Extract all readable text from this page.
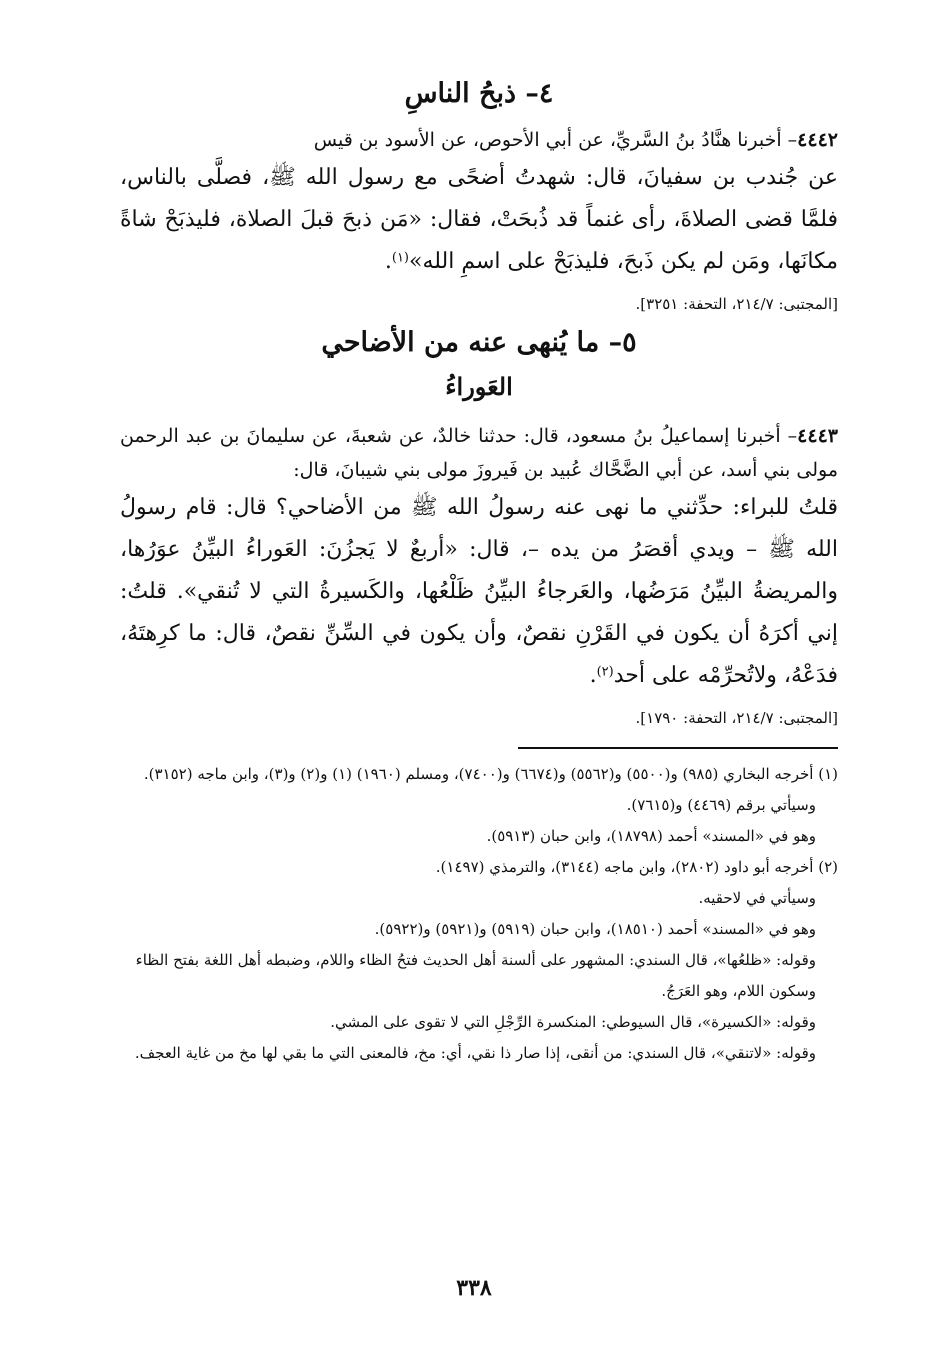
٤– ذبحُ الناسِ
٤٤٤٢– أخبرنا هنَّادُ بنُ السَّريِّ، عن أبي الأحوص، عن الأسود بن قيس
عن جُندب بن سفيانَ، قال: شهدتُ أضحًى مع رسول الله ﷺ، فصلَّى بالناس، فلمَّا قضى الصلاةَ، رأى غنماً قد ذُبحَتْ، فقال: «مَن ذبحَ قبلَ الصلاة، فليذبَحْ شاةً مكانَها، ومَن لم يكن ذَبحَ، فليذبَحْ على اسمِ الله»$^{(١)}$.
[المجتبى: ٢١٤/٧، التحفة: ٣٢٥١].
٥– ما يُنهى عنه من الأضاحي
العَوراءُ
٤٤٤٣– أخبرنا إسماعيلُ بنُ مسعود، قال: حدثنا خالدٌ، عن شعبةَ، عن سليمانَ بن عبد الرحمن مولى بني أسد، عن أبي الضَّحَّاك عُبيد بن فَيروزَ مولى بني شيبانَ، قال:
قلتُ للبراء: حدِّثني ما نهى عنه رسولُ الله ﷺ من الأضاحي؟ قال: قام رسولُ الله ﷺ – ويدي أقصَرُ من يده –، قال: «أربعٌ لا يَجزُنَ: العَوراءُ البيِّنُ عوَرُها، والمريضةُ البيِّنُ مَرَضُها، والعَرجاءُ البيِّنُ ظَلْعُها، والكَسيرةُ التي لا تُنقي». قلتُ: إني أكرَهُ أن يكون في القَرْنِ نقصٌ، وأن يكون في السِّنِّ نقصٌ، قال: ما كرِهتَهُ، فدَعْهُ، ولاتُحرِّمْه على أحد$^{(٢)}$.
[المجتبى: ٢١٤/٧، التحفة: ١٧٩٠].

(١) أخرجه البخاري (٩٨٥) و(٥٥٠٠) و(٥٥٦٢) و(٦٦٧٤) و(٧٤٠٠)، ومسلم (١٩٦٠) (١) و(٢) و(٣)، وابن ماجه (٣١٥٢).

وسيأتي برقم (٤٤٦٩) و(٧٦١٥).

وهو في «المسند» أحمد (١٨٧٩٨)، وابن حبان (٥٩١٣).

(٢) أخرجه أبو داود (٢٨٠٢)، وابن ماجه (٣١٤٤)، والترمذي (١٤٩٧).

وسيأتي في لاحقيه.

وهو في «المسند» أحمد (١٨٥١٠)، وابن حبان (٥٩١٩) و(٥٩٢١) و(٥٩٢٢).

وقوله: «ظلعُها»، قال السندي: المشهور على ألسنة أهل الحديث فتحُ الظاء واللام، وضبطه أهل اللغة بفتح الظاء وسكون اللام، وهو العَرَجُ.

وقوله: «الكسيرة»، قال السيوطي: المنكسرة الرِّجْلِ التي لا تقوى على المشي.

وقوله: «لاتنقي»، قال السندي: من أنقى، إذا صار ذا نقي، أي: مخ، فالمعنى التي ما بقي لها مخ من غاية العجف.

٣٣٨
